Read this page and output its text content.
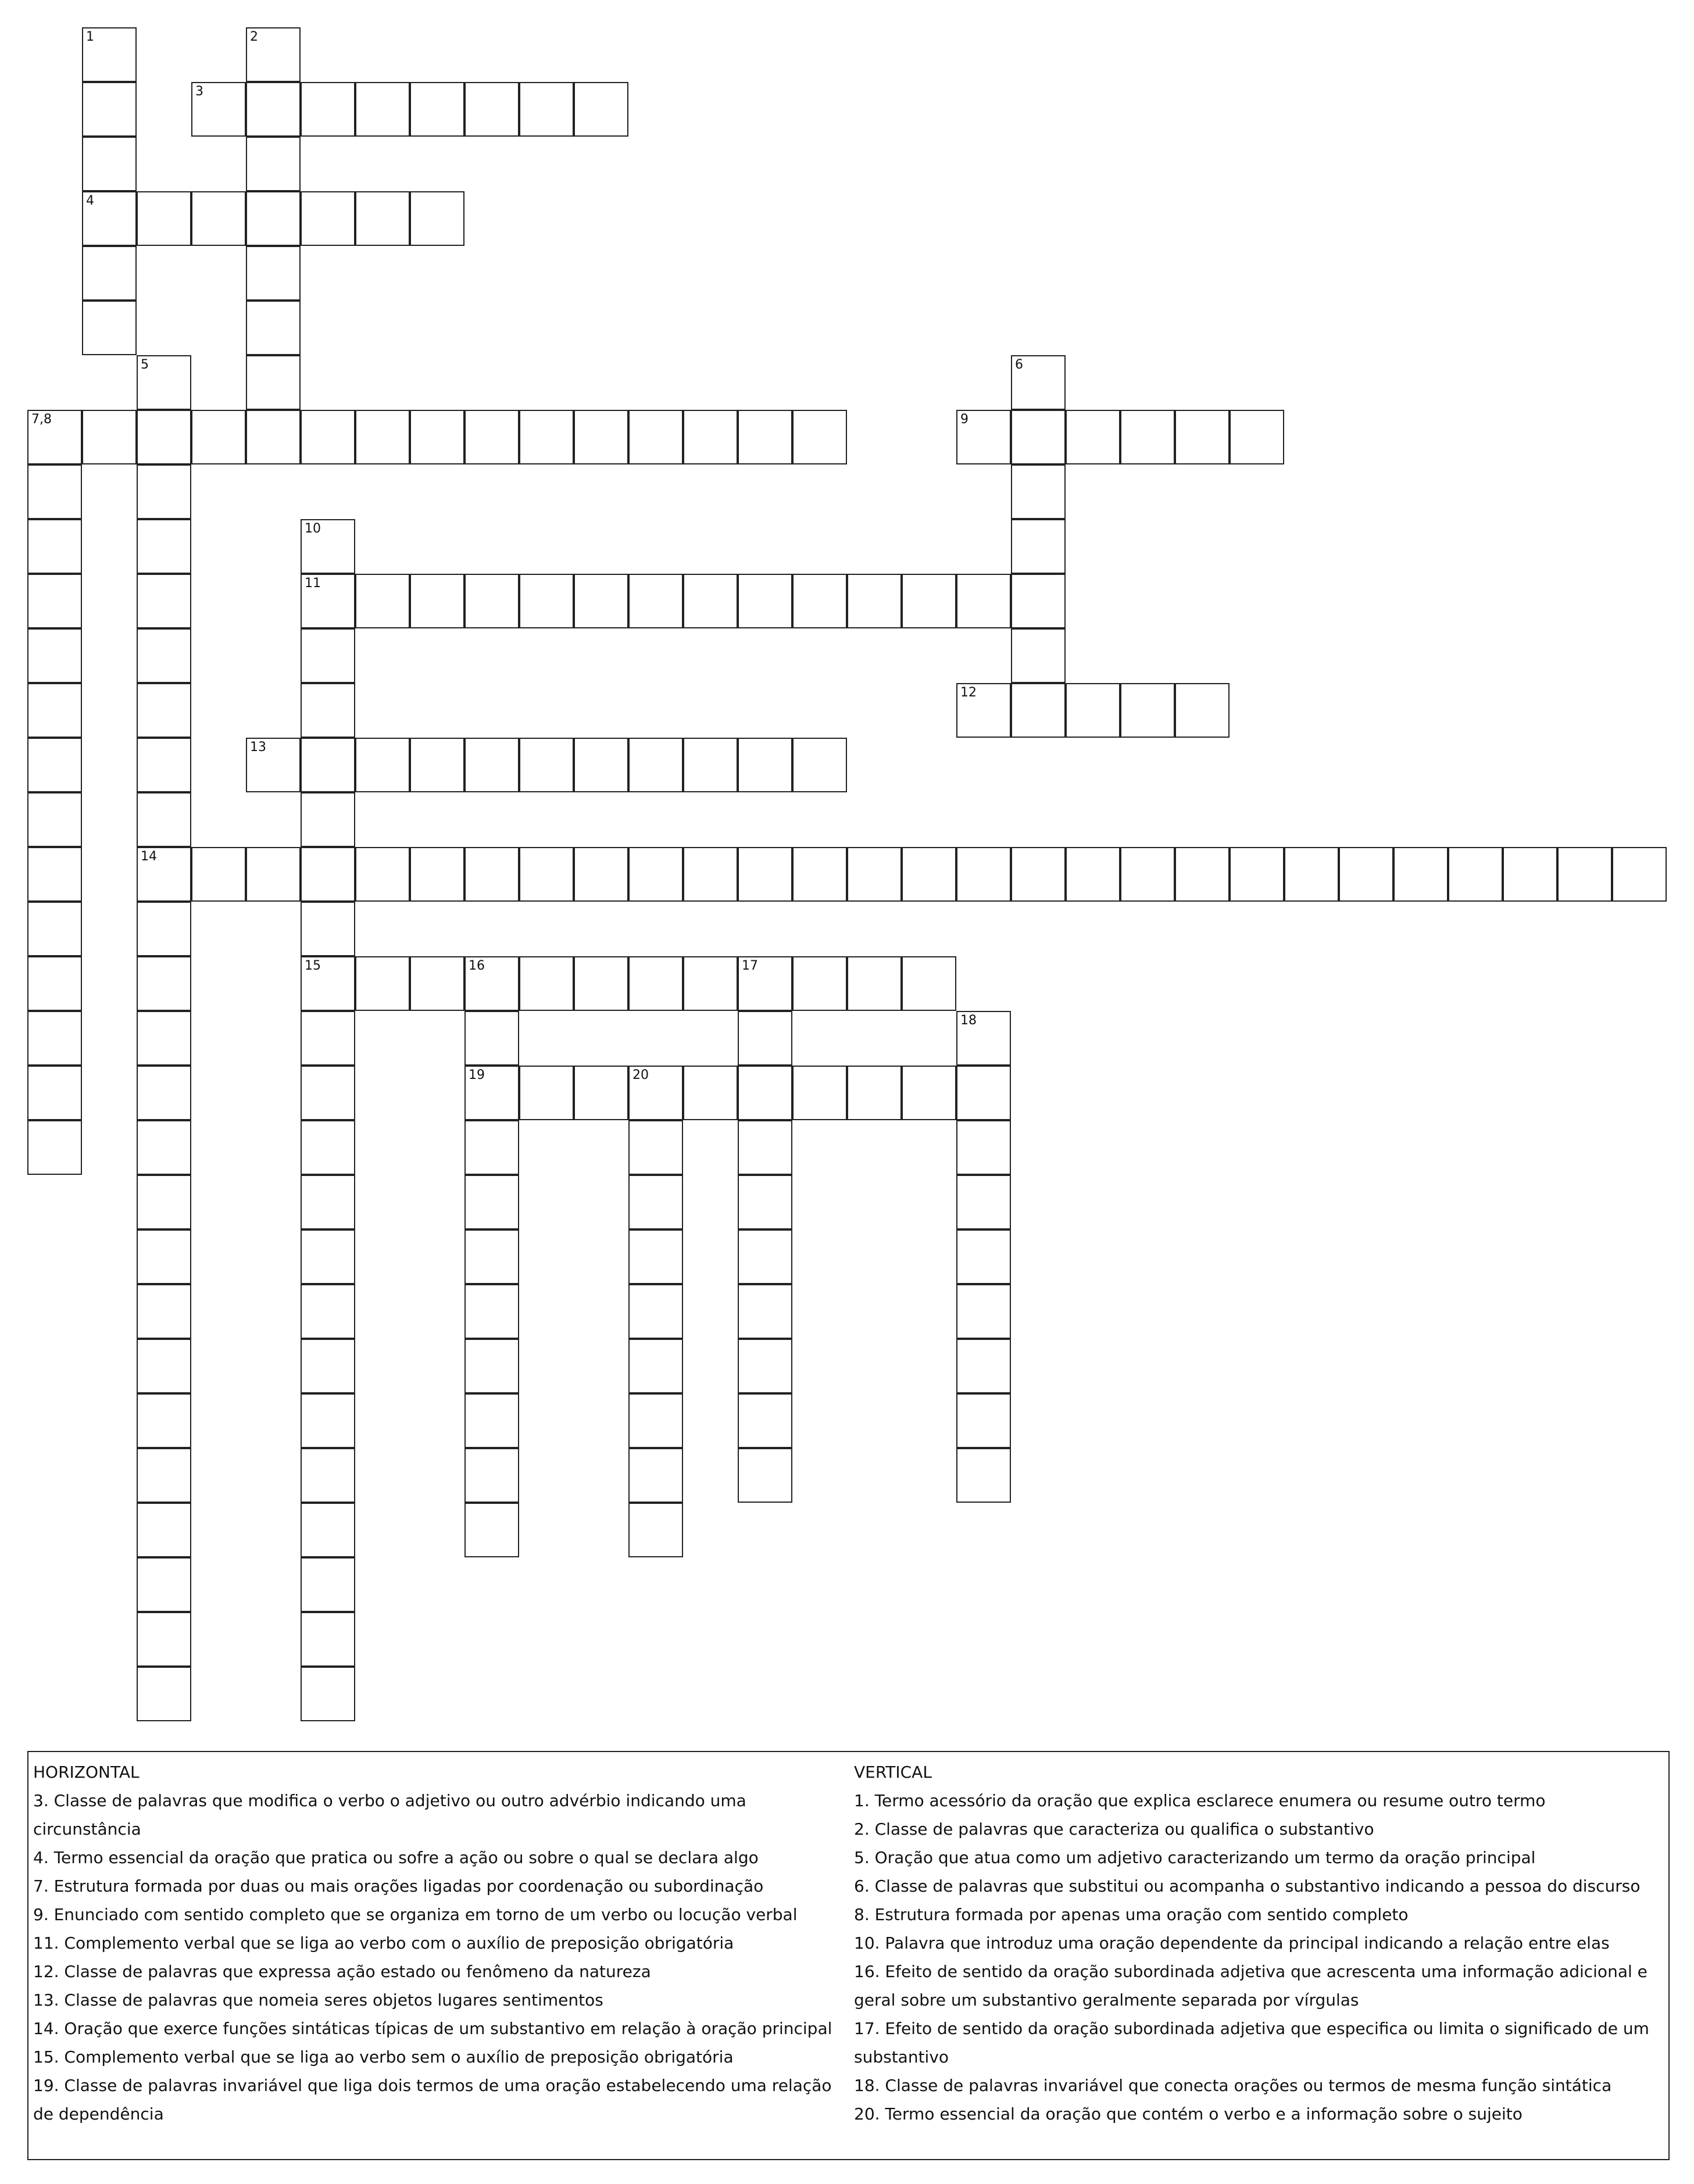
3
4
7,8	9
11
12
13
14
15	16	17
19	20
1	2
5	6
10
18
HORIZONTAL
3. Classe de palavras que modifica o verbo o adjetivo ou outro advérbio indicando uma circunstância
4. Termo essencial da oração que pratica ou sofre a ação ou sobre o qual se declara algo
7. Estrutura formada por duas ou mais orações ligadas por coordenação ou subordinação
9. Enunciado com sentido completo que se organiza em torno de um verbo ou locução verbal
11. Complemento verbal que se liga ao verbo com o auxílio de preposição obrigatória
12. Classe de palavras que expressa ação estado ou fenômeno da natureza
13. Classe de palavras que nomeia seres objetos lugares sentimentos
14. Oração que exerce funções sintáticas típicas de um substantivo em relação à oração principal
15. Complemento verbal que se liga ao verbo sem o auxílio de preposição obrigatória
19. Classe de palavras invariável que liga dois termos de uma oração estabelecendo uma relação de dependência
VERTICAL
1. Termo acessório da oração que explica esclarece enumera ou resume outro termo
2. Classe de palavras que caracteriza ou qualifica o substantivo
5. Oração que atua como um adjetivo caracterizando um termo da oração principal
6. Classe de palavras que substitui ou acompanha o substantivo indicando a pessoa do discurso
8. Estrutura formada por apenas uma oração com sentido completo
10. Palavra que introduz uma oração dependente da principal indicando a relação entre elas
16. Efeito de sentido da oração subordinada adjetiva que acrescenta uma informação adicional e geral sobre um substantivo geralmente separada por vírgulas
17. Efeito de sentido da oração subordinada adjetiva que especifica ou limita o significado de um substantivo
18. Classe de palavras invariável que conecta orações ou termos de mesma função sintática
20. Termo essencial da oração que contém o verbo e a informação sobre o sujeito
